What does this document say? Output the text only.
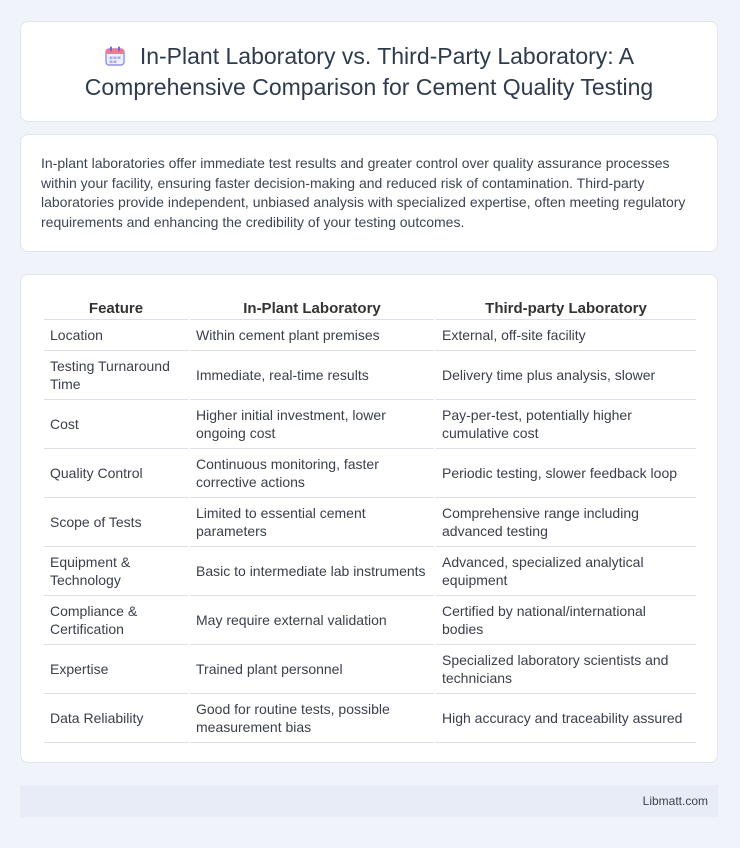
In-Plant Laboratory vs. Third-Party Laboratory: A Comprehensive Comparison for Cement Quality Testing

In-plant laboratories offer immediate test results and greater control over quality assurance processes within your facility, ensuring faster decision-making and reduced risk of contamination. Third-party laboratories provide independent, unbiased analysis with specialized expertise, often meeting regulatory requirements and enhancing the credibility of your testing outcomes.

Feature	In-Plant Laboratory	Third-party Laboratory
Location	Within cement plant premises	External, off-site facility
Testing Turnaround Time	Immediate, real-time results	Delivery time plus analysis, slower
Cost	Higher initial investment, lower ongoing cost	Pay-per-test, potentially higher cumulative cost
Quality Control	Continuous monitoring, faster corrective actions	Periodic testing, slower feedback loop
Scope of Tests	Limited to essential cement parameters	Comprehensive range including advanced testing
Equipment & Technology	Basic to intermediate lab instruments	Advanced, specialized analytical equipment
Compliance & Certification	May require external validation	Certified by national/international bodies
Expertise	Trained plant personnel	Specialized laboratory scientists and technicians
Data Reliability	Good for routine tests, possible measurement bias	High accuracy and traceability assured
Libmatt.com
